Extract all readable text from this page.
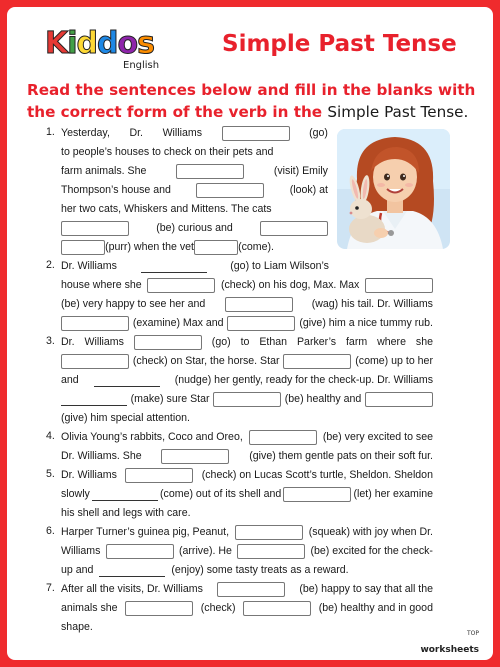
Kiddos
English
Simple Past Tense
Read the sentences below and fill in the blanks with the correct form of the verb in the Simple Past Tense.
1. Yesterday, Dr. Williams	(go)
to people’s houses to check on their pets and
farm animals. She	(visit) Emily
Thompson’s house and	(look) at
her two cats, Whiskers and Mittens. The cats
(be) curious and
(purr) when the vet	(come).
2. Dr. Williams	(go) to Liam Wilson’s
house where she	(check) on his dog, Max. Max
(be) very happy to see her and	(wag) his tail. Dr. Williams
(examine) Max and	(give) him a nice tummy rub.
3. Dr. Williams	(go) to Ethan Parker’s farm where she
(check) on Star, the horse. Star	(come) up to her
and	(nudge) her gently, ready for the check-up. Dr. Williams
(make) sure Star	(be) healthy and
(give) him special attention.
4. Olivia Young’s rabbits, Coco and Oreo,	(be) very excited to see
Dr. Williams. She	(give) them gentle pats on their soft fur.
5. Dr. Williams	(check) on Lucas Scott’s turtle, Sheldon. Sheldon
slowly	(come) out of its shell and	(let) her examine
his shell and legs with care.
6. Harper Turner’s guinea pig, Peanut,	(squeak) with joy when Dr.
Williams	(arrive). He	(be) excited for the check-
up and	(enjoy) some tasty treats as a reward.
7. After all the visits, Dr. Williams	(be) happy to say that all the
animals she	(check)	(be) healthy and in good
shape.
TOP
worksheets
